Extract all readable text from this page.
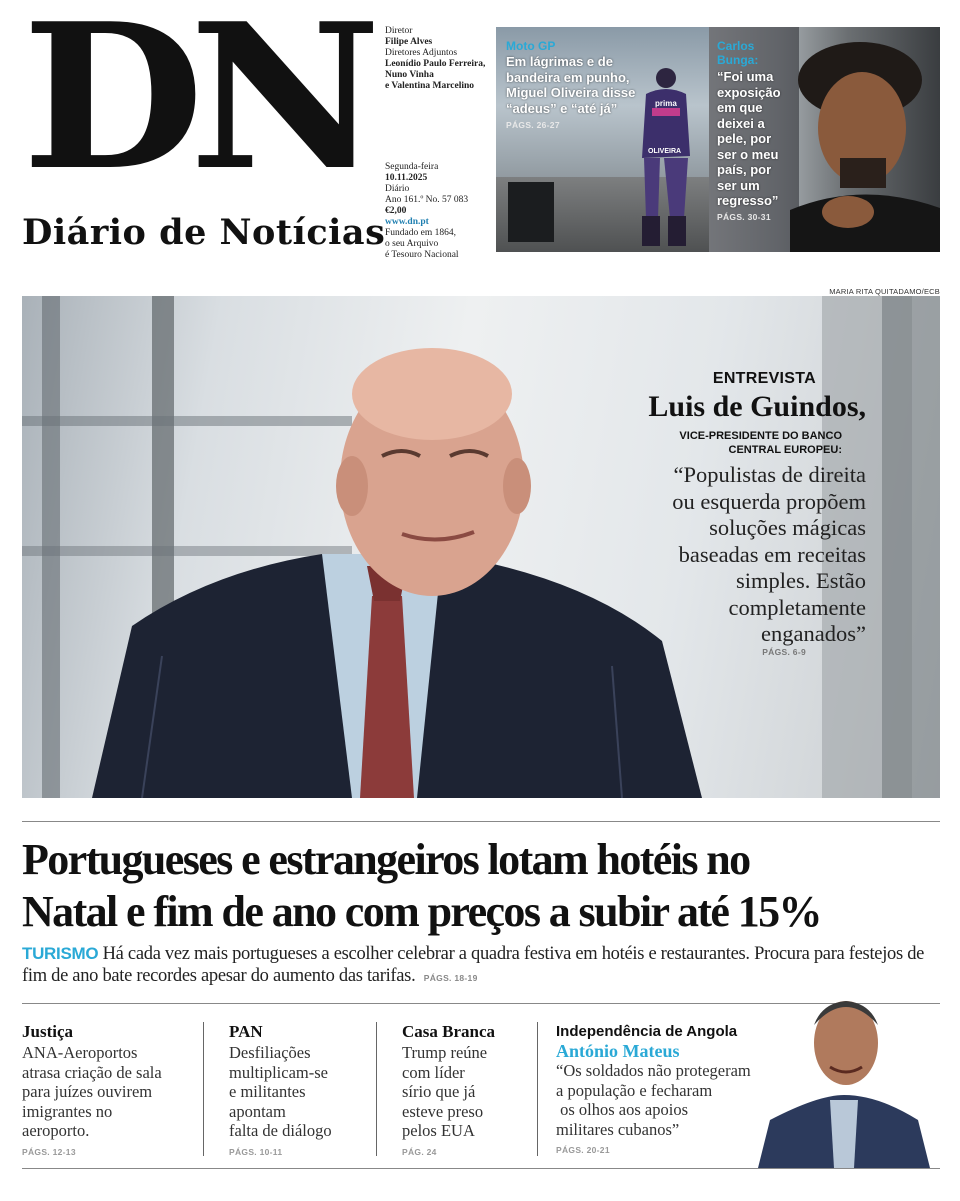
DN
Diário de Notícias
Diretor
Filipe Alves
Diretores Adjuntos
Leonídio Paulo Ferreira,
Nuno Vinha
e Valentina Marcelino
Segunda-feira
10.11.2025
Diário
Ano 161.º No. 57 083
€2,00
www.dn.pt
Fundado em 1864,
o seu Arquivo
é Tesouro Nacional
prima
OLIVEIRA
Moto GP
Em lágrimas e de
bandeira em punho,
Miguel Oliveira disse
“adeus” e “até já”
PÁGS. 26-27
Carlos
Bunga:
“Foi uma
exposição
em que
deixei a
pele, por
ser o meu
país, por
ser um
regresso”
PÁGS. 30-31
MARIA RITA QUITADAMO/ECB
ENTREVISTA
Luis de Guindos,
VICE-PRESIDENTE DO BANCO
CENTRAL EUROPEU:
“Populistas de direita
ou esquerda propõem
soluções mágicas
baseadas em receitas
simples. Estão
completamente
enganados”
PÁGS. 6-9
Portugueses e estrangeiros lotam hotéis no
Natal e fim de ano com preços a subir até 15%
TURISMO Há cada vez mais portugueses a escolher celebrar a quadra festiva em hotéis e restaurantes. Procura para festejos de fim de ano bate recordes apesar do aumento das tarifas. PÁGS. 18-19
Justiça
ANA-Aeroportos
atrasa criação de sala
para juízes ouvirem
imigrantes no
aeroporto.
PÁGS. 12-13
PAN
Desfiliações
multiplicam-se
e militantes
apontam
falta de diálogo
PÁGS. 10-11
Casa Branca
Trump reúne
com líder
sírio que já
esteve preso
pelos EUA
PÁG. 24
Independência de Angola
António Mateus
“Os soldados não protegeram
a população e fecharam
os olhos aos apoios
militares cubanos”
PÁGS. 20-21
